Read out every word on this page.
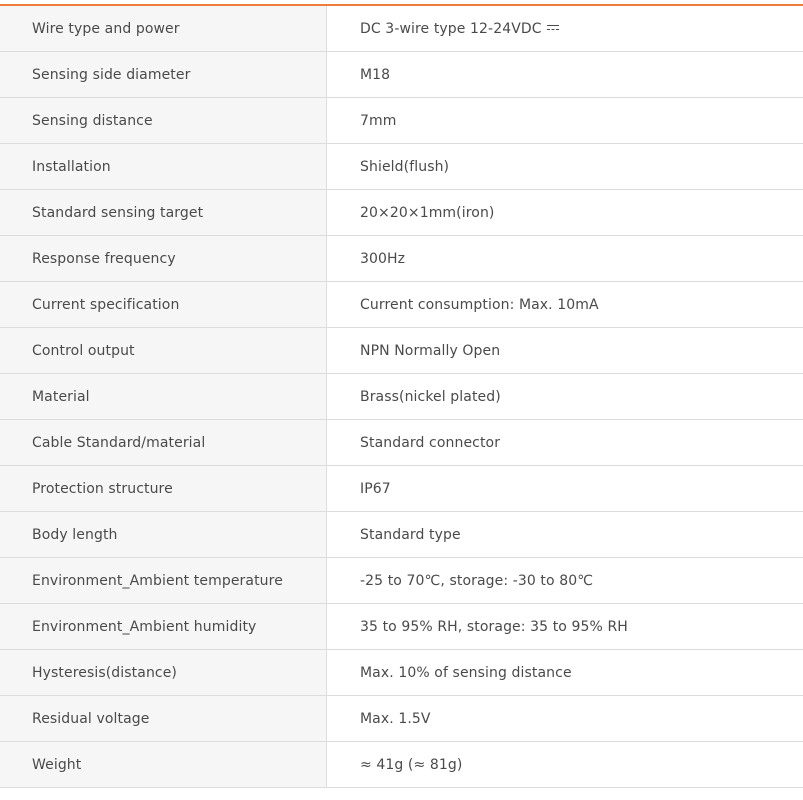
Wire type and power	DC 3-wire type 12-24VDC
Sensing side diameter	M18
Sensing distance	7mm
Installation	Shield(flush)
Standard sensing target	20×20×1mm(iron)
Response frequency	300Hz
Current specification	Current consumption: Max. 10mA
Control output	NPN Normally Open
Material	Brass(nickel plated)
Cable Standard/material	Standard connector
Protection structure	IP67
Body length	Standard type
Environment_Ambient temperature	-25 to 70℃, storage: -30 to 80℃
Environment_Ambient humidity	35 to 95% RH, storage: 35 to 95% RH
Hysteresis(distance)	Max. 10% of sensing distance
Residual voltage	Max. 1.5V
Weight	≈ 41g (≈ 81g)
